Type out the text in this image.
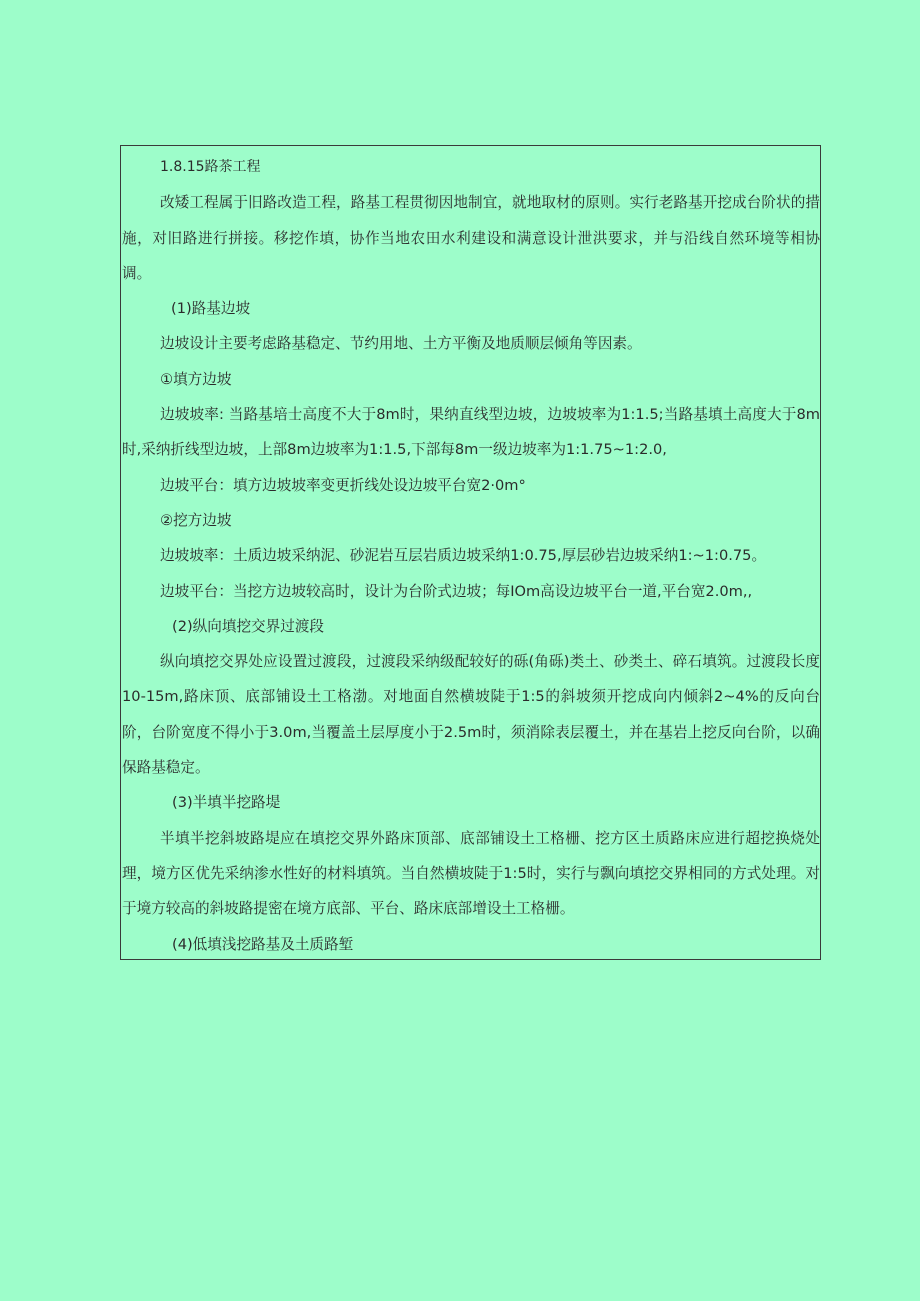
1.8.15路茶工程

改矮工程属于旧路改造工程，路基工程贯彻因地制宜，就地取材的原则。实行老路基开挖成台阶状的措施，对旧路进行拼接。移挖作填，协作当地农田水利建设和满意设计泄洪要求，并与沿线自然环境等相协调。

(1)路基边坡

边坡设计主要考虑路基稳定、节约用地、土方平衡及地质顺层倾角等因素。

①填方边坡

边坡坡率: 当路基培士高度不大于8m时，果纳直线型边坡，边坡坡率为1:1.5;当路基填土高度大于8m时,采纳折线型边坡，上部8m边坡率为1:1.5,下部每8m一级边坡率为1:1.75~1:2.0,

边坡平台：填方边坡坡率变更折线处设边坡平台宽2·0m°

②挖方边坡

边坡坡率：土质边坡采纳泥、砂泥岩互层岩质边坡采纳1:0.75,厚层砂岩边坡采纳1:~1:0.75。

边坡平台：当挖方边坡较高时，设计为台阶式边坡；每IOm高设边坡平台一道,平台宽2.0m,,

(2)纵向填挖交界过渡段

纵向填挖交界处应设置过渡段，过渡段采纳级配较好的砾(角砾)类土、砂类土、碎石填筑。过渡段长度10-15m,路床顶、底部铺设土工格渤。对地面自然横坡陡于1:5的斜坡须开挖成向内倾斜2~4%的反向台阶，台阶宽度不得小于3.0m,当覆盖土层厚度小于2.5m时，须消除表层覆土，并在基岩上挖反向台阶，以确保路基稳定。

(3)半填半挖路堤

半填半挖斜坡路堤应在填挖交界外路床顶部、底部铺设土工格栅、挖方区土质路床应进行超挖换烧处理，境方区优先采纳渗水性好的材料填筑。当自然横坡陡于1:5时，实行与飘向填挖交界相同的方式处理。对于境方较高的斜坡路提密在境方底部、平台、路床底部增设土工格栅。

(4)低填浅挖路基及土质路堑
